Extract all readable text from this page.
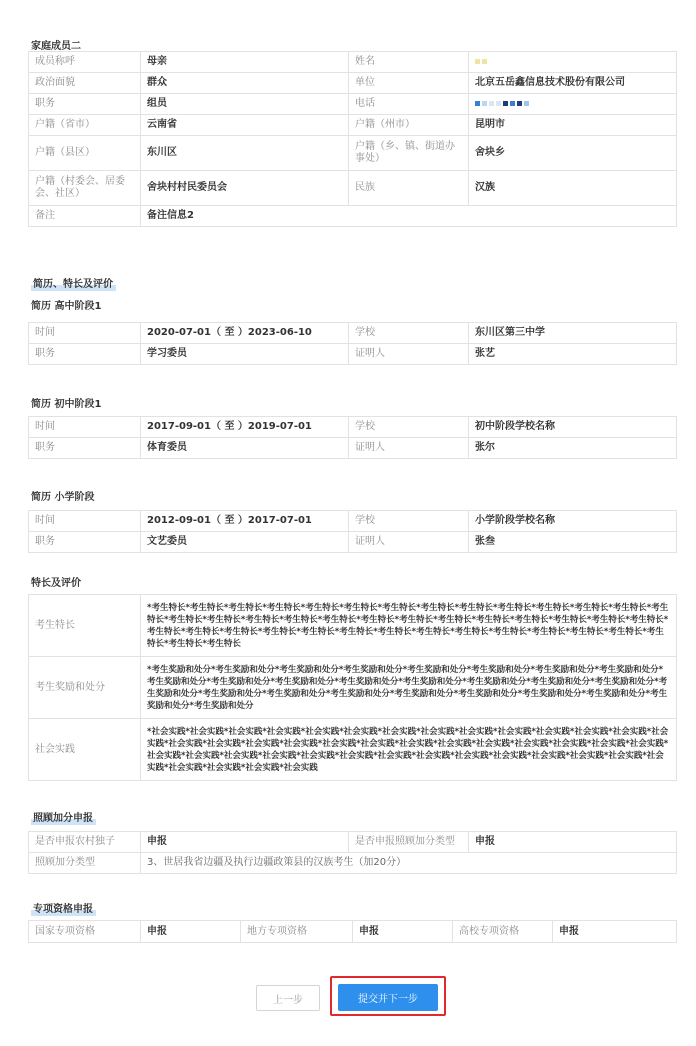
家庭成员二
成员称呼	母亲	姓名	

政治面貌	群众	单位	北京五岳鑫信息技术股份有限公司
职务	组员	电话	

户籍（省市）	云南省	户籍（州市）	昆明市
户籍（县区）	东川区	户籍（乡、镇、街道办事处）	舍块乡
户籍（村委会、居委会、社区）	舍块村村民委员会	民族	汉族
备注	备注信息2		
简历、特长及评价
简历 高中阶段1
时间	2020-07-01（ 至 ）2023-06-10	学校	东川区第三中学
职务	学习委员	证明人	张艺
简历 初中阶段1
时间	2017-09-01（ 至 ）2019-07-01	学校	初中阶段学校名称
职务	体育委员	证明人	张尔
简历 小学阶段
时间	2012-09-01（ 至 ）2017-07-01	学校	小学阶段学校名称
职务	文艺委员	证明人	张叁
特长及评价
考生特长	*考生特长*考生特长*考生特长*考生特长*考生特长*考生特长*考生特长*考生特长*考生特长*考生特长*考生特长*考生特长*考生特长*考生特长*考生特长*考生特长*考生特长*考生特长*考生特长*考生特长*考生特长*考生特长*考生特长*考生特长*考生特长*考生特长*考生特长*考生特长*考生特长*考生特长*考生特长*考生特长*考生特长*考生特长*考生特长*考生特长*考生特长*考生特长*考生特长*考生特长*考生特长*考生特长*考生特长
考生奖励和处分	*考生奖励和处分*考生奖励和处分*考生奖励和处分*考生奖励和处分*考生奖励和处分*考生奖励和处分*考生奖励和处分*考生奖励和处分*考生奖励和处分*考生奖励和处分*考生奖励和处分*考生奖励和处分*考生奖励和处分*考生奖励和处分*考生奖励和处分*考生奖励和处分*考生奖励和处分*考生奖励和处分*考生奖励和处分*考生奖励和处分*考生奖励和处分*考生奖励和处分*考生奖励和处分*考生奖励和处分*考生奖励和处分*考生奖励和处分
社会实践	*社会实践*社会实践*社会实践*社会实践*社会实践*社会实践*社会实践*社会实践*社会实践*社会实践*社会实践*社会实践*社会实践*社会实践*社会实践*社会实践*社会实践*社会实践*社会实践*社会实践*社会实践*社会实践*社会实践*社会实践*社会实践*社会实践*社会实践*社会实践*社会实践*社会实践*社会实践*社会实践*社会实践*社会实践*社会实践*社会实践*社会实践*社会实践*社会实践*社会实践*社会实践*社会实践*社会实践*社会实践*社会实践
照顾加分申报
是否申报农村独子	申报	是否申报照顾加分类型	申报
照顾加分类型	3、世居我省边疆及执行边疆政策县的汉族考生（加20分）		
专项资格申报
国家专项资格	申报	地方专项资格	申报	高校专项资格	申报
上一步	提交并下一步
